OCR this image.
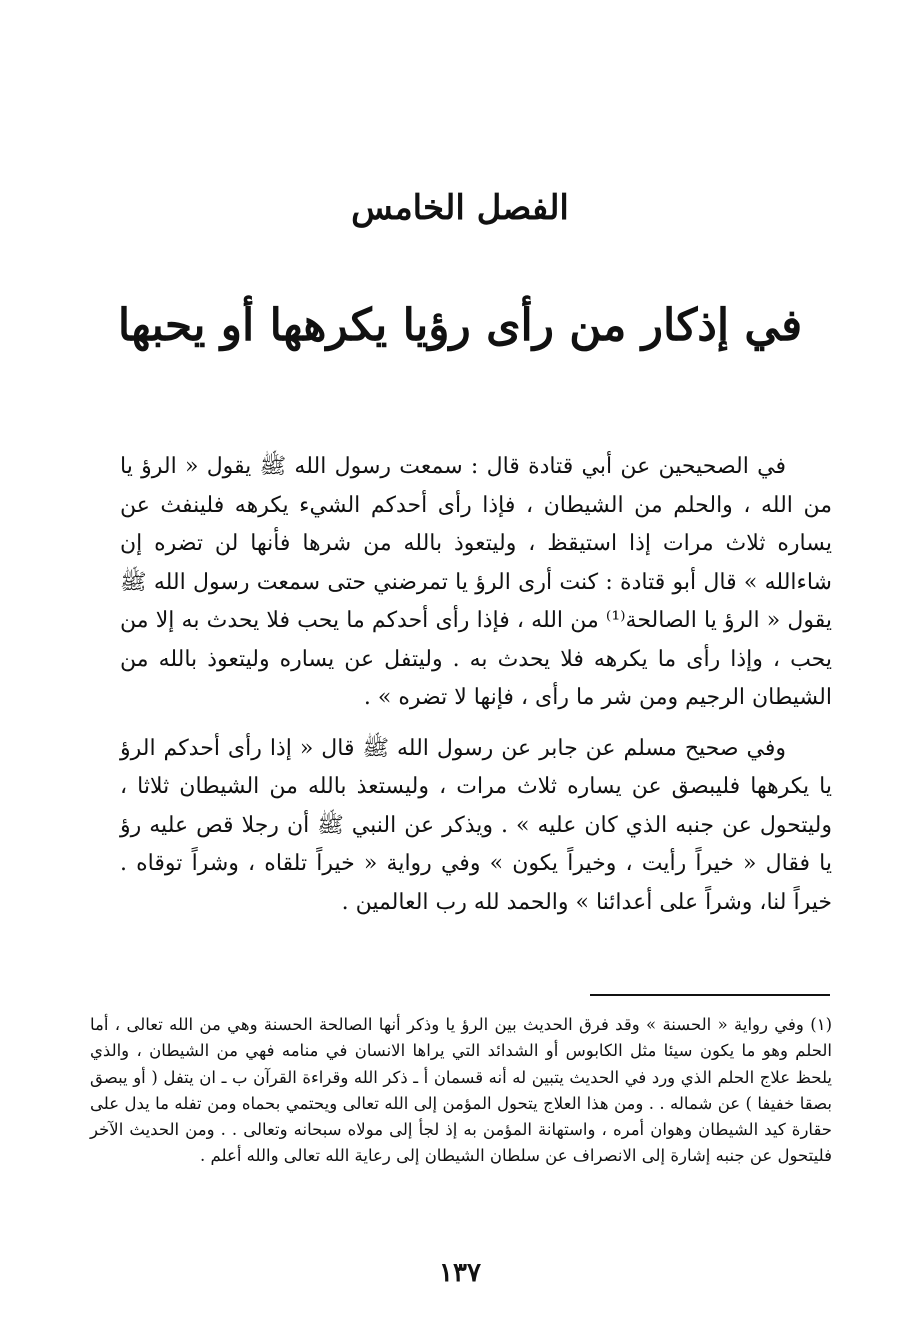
الفصل الخامس
في إذكار من رأى رؤيا يكرهها أو يحبها

في الصحيحين عن أبي قتادة قال : سمعت رسول الله ﷺ يقول « الرؤ يا من الله ، والحلم من الشيطان ، فإذا رأى أحدكم الشيء يكرهه فلينفث عن يساره ثلاث مرات إذا استيقظ ، وليتعوذ بالله من شرها فأنها لن تضره إن شاءالله » قال أبو قتادة : كنت أرى الرؤ يا تمرضني حتى سمعت رسول الله ﷺ يقول « الرؤ يا الصالحة⁽¹⁾ من الله ، فإذا رأى أحدكم ما يحب فلا يحدث به إلا من يحب ، وإذا رأى ما يكرهه فلا يحدث به . وليتفل عن يساره وليتعوذ بالله من الشيطان الرجيم ومن شر ما رأى ، فإنها لا تضره » .

وفي صحيح مسلم عن جابر عن رسول الله ﷺ قال « إذا رأى أحدكم الرؤ يا يكرهها فليبصق عن يساره ثلاث مرات ، وليستعذ بالله من الشيطان ثلاثا ، وليتحول عن جنبه الذي كان عليه » . ويذكر عن النبي ﷺ أن رجلا قص عليه رؤ يا فقال « خيراً رأيت ، وخيراً يكون » وفي رواية « خيراً تلقاه ، وشراً توقاه . خيراً لنا، وشراً على أعدائنا » والحمد لله رب العالمين .

(١) وفي رواية « الحسنة » وقد فرق الحديث بين الرؤ يا وذكر أنها الصالحة الحسنة وهي من الله تعالى ، أما الحلم وهو ما يكون سيئا مثل الكابوس أو الشدائد التي يراها الانسان في منامه فهي من الشيطان ، والذي يلحظ علاج الحلم الذي ورد في الحديث يتبين له أنه قسمان أ ـ ذكر الله وقراءة القرآن ب ـ ان يتفل ( أو يبصق بصقا خفيفا ) عن شماله . . ومن هذا العلاج يتحول المؤمن إلى الله تعالى ويحتمي بحماه ومن تفله ما يدل على حقارة كيد الشيطان وهوان أمره ، واستهانة المؤمن به إذ لجأ إلى مولاه سبحانه وتعالى . . ومن الحديث الآخر فليتحول عن جنبه إشارة إلى الانصراف عن سلطان الشيطان إلى رعاية الله تعالى والله أعلم .
١٣٧
